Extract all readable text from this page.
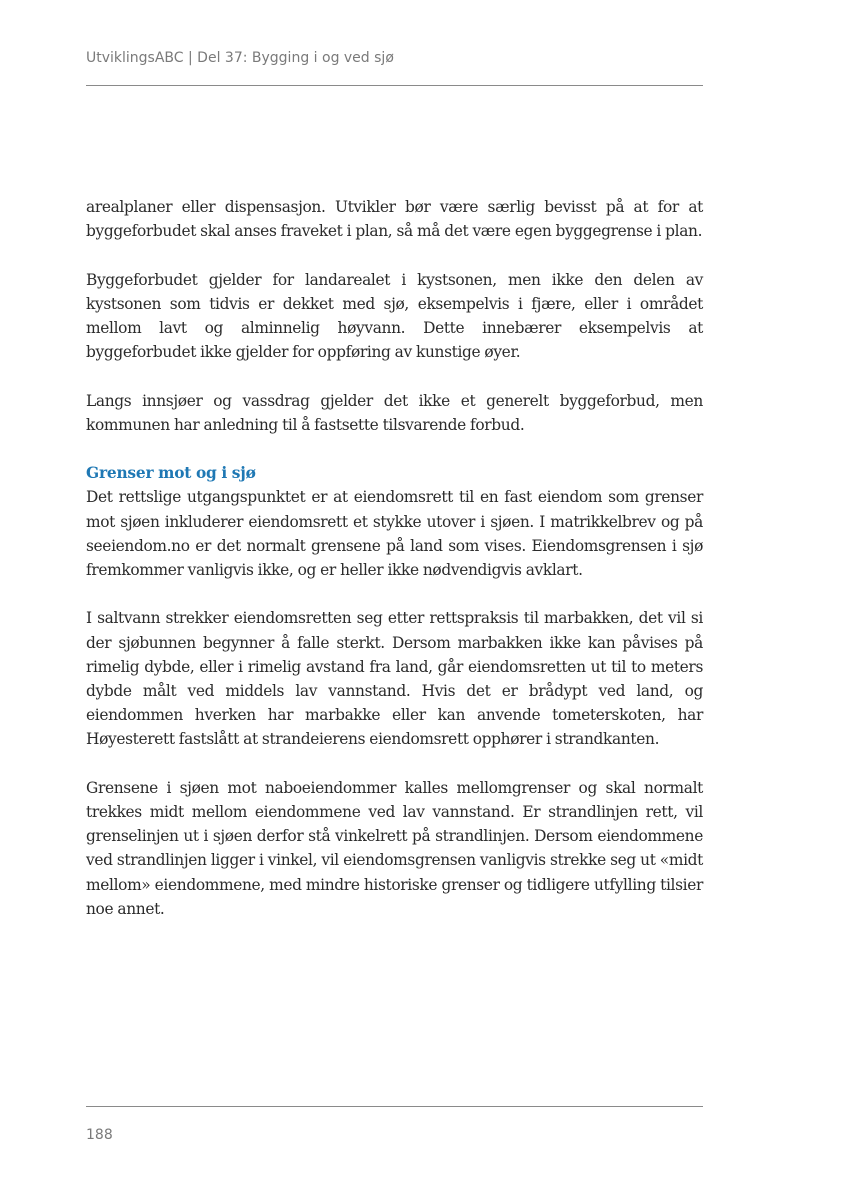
UtviklingsABC | Del 37: Bygging i og ved sjø

arealplaner eller dispensasjon. Utvikler bør være særlig bevisst på at for at byggeforbudet skal anses fraveket i plan, så må det være egen byggegrense i plan.

Byggeforbudet gjelder for landarealet i kystsonen, men ikke den delen av kystsonen som tidvis er dekket med sjø, eksempelvis i fjære, eller i området mellom lavt og alminnelig høyvann. Dette innebærer eksempelvis at byggeforbudet ikke gjelder for oppføring av kunstige øyer.

Langs innsjøer og vassdrag gjelder det ikke et generelt byggeforbud, men kommunen har anledning til å fastsette tilsvarende forbud.

Grenser mot og i sjø

Det rettslige utgangspunktet er at eiendomsrett til en fast eiendom som grenser mot sjøen inkluderer eiendomsrett et stykke utover i sjøen. I matrikkelbrev og på seeiendom.no er det normalt grensene på land som vises. Eiendomsgrensen i sjø fremkommer vanligvis ikke, og er heller ikke nødvendigvis avklart.

I saltvann strekker eiendomsretten seg etter rettspraksis til marbakken, det vil si der sjøbunnen begynner å falle sterkt. Dersom marbakken ikke kan påvises på rimelig dybde, eller i rimelig avstand fra land, går eiendomsretten ut til to meters dybde målt ved middels lav vannstand. Hvis det er brådypt ved land, og eiendommen hverken har marbakke eller kan anvende tometerskoten, har Høyesterett fastslått at strandeierens eiendomsrett opphører i strandkanten.

Grensene i sjøen mot naboeiendommer kalles mellomgrenser og skal normalt trekkes midt mellom eiendommene ved lav vannstand. Er strandlinjen rett, vil grenselinjen ut i sjøen derfor stå vinkelrett på strandlinjen. Dersom eiendommene ved strandlinjen ligger i vinkel, vil eiendomsgrensen vanligvis strekke seg ut «midt mellom» eiendommene, med mindre historiske grenser og tidligere utfylling tilsier noe annet.

188
